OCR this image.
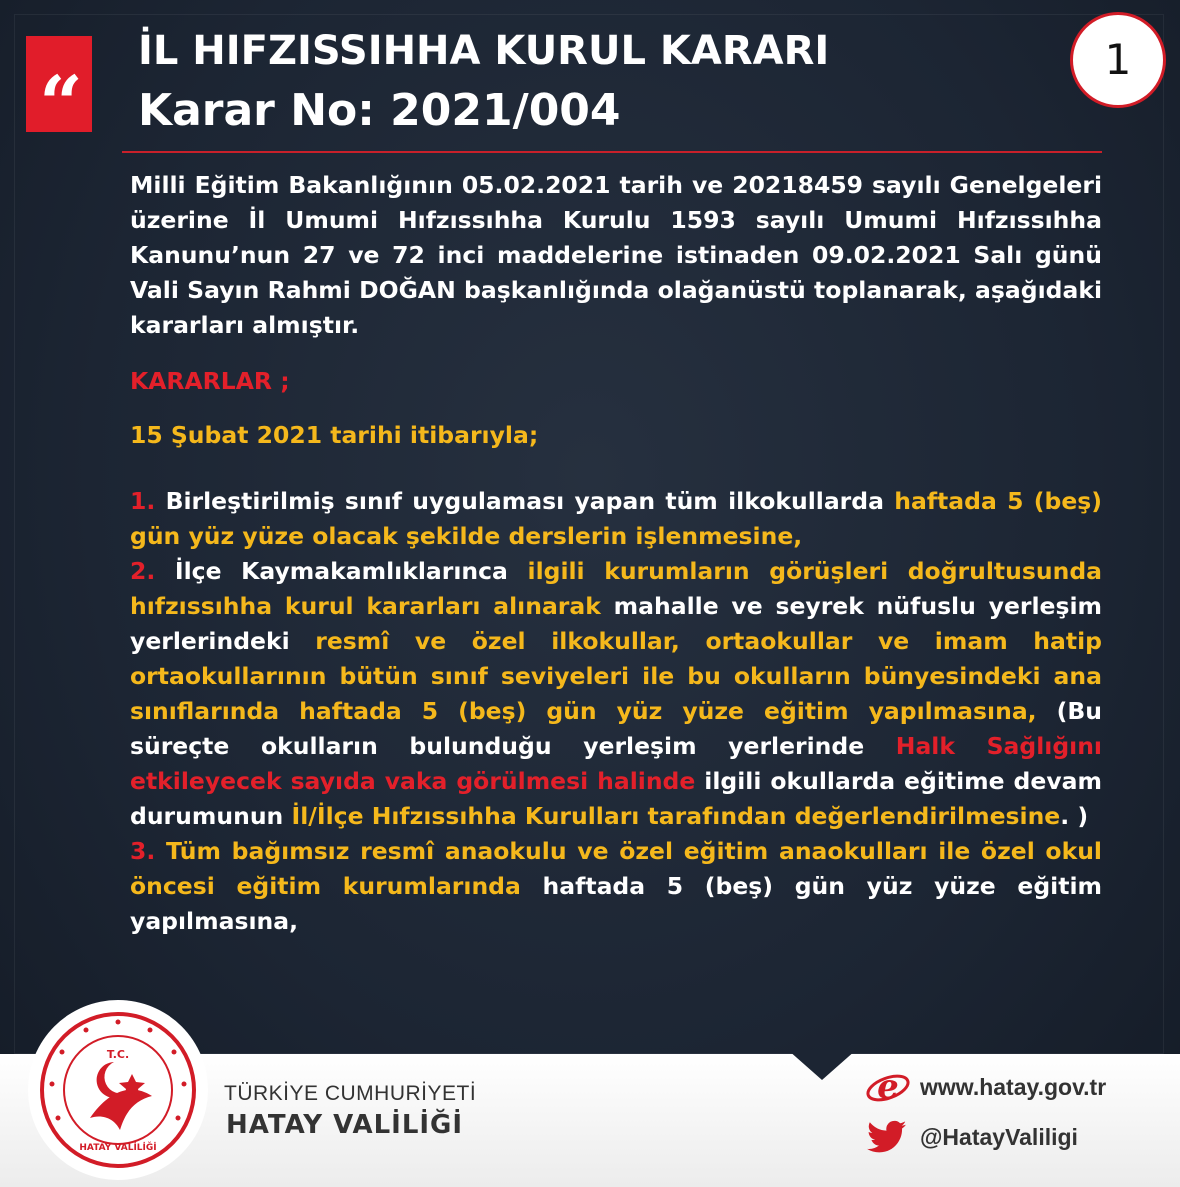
“
İL HIFZISSIHHA KURUL KARARI
Karar No: 2021/004
1
Milli Eğitim Bakanlığının 05.02.2021 tarih ve 20218459 sayılı Genelgeleri üzerine İl Umumi Hıfzıssıhha Kurulu 1593 sayılı Umumi Hıfzıssıhha Kanunu’nun 27 ve 72 inci maddelerine istinaden 09.02.2021 Salı günü Vali Sayın Rahmi DOĞAN başkanlığında olağanüstü toplanarak, aşağıdaki kararları almıştır.
KARARLAR ;
15 Şubat 2021 tarihi itibarıyla;

1. Birleştirilmiş sınıf uygulaması yapan tüm ilkokullarda haftada 5 (beş) gün yüz yüze olacak şekilde derslerin işlenmesine,

2. İlçe Kaymakamlıklarınca ilgili kurumların görüşleri doğrultusunda hıfzıssıhha kurul kararları alınarak mahalle ve seyrek nüfuslu yerleşim yerlerindeki resmî ve özel ilkokullar, ortaokullar ve imam hatip ortaokullarının bütün sınıf seviyeleri ile bu okulların bünyesindeki ana sınıflarında haftada 5 (beş) gün yüz yüze eğitim yapılmasına, (Bu süreçte okulların bulunduğu yerleşim yerlerinde Halk Sağlığını etkileyecek sayıda vaka görülmesi halinde ilgili okullarda eğitime devam durumunun İl/İlçe Hıfzıssıhha Kurulları tarafından değerlendirilmesine. )

3. Tüm bağımsız resmî anaokulu ve özel eğitim anaokulları ile özel okul öncesi eğitim kurumlarında haftada 5 (beş) gün yüz yüze eğitim yapılmasına,

T.C.
HATAY VALİLİĞİ
TÜRKİYE CUMHURİYETİ
HATAY VALİLİĞİ
e www.hatay.gov.tr
@HatayValiligi
